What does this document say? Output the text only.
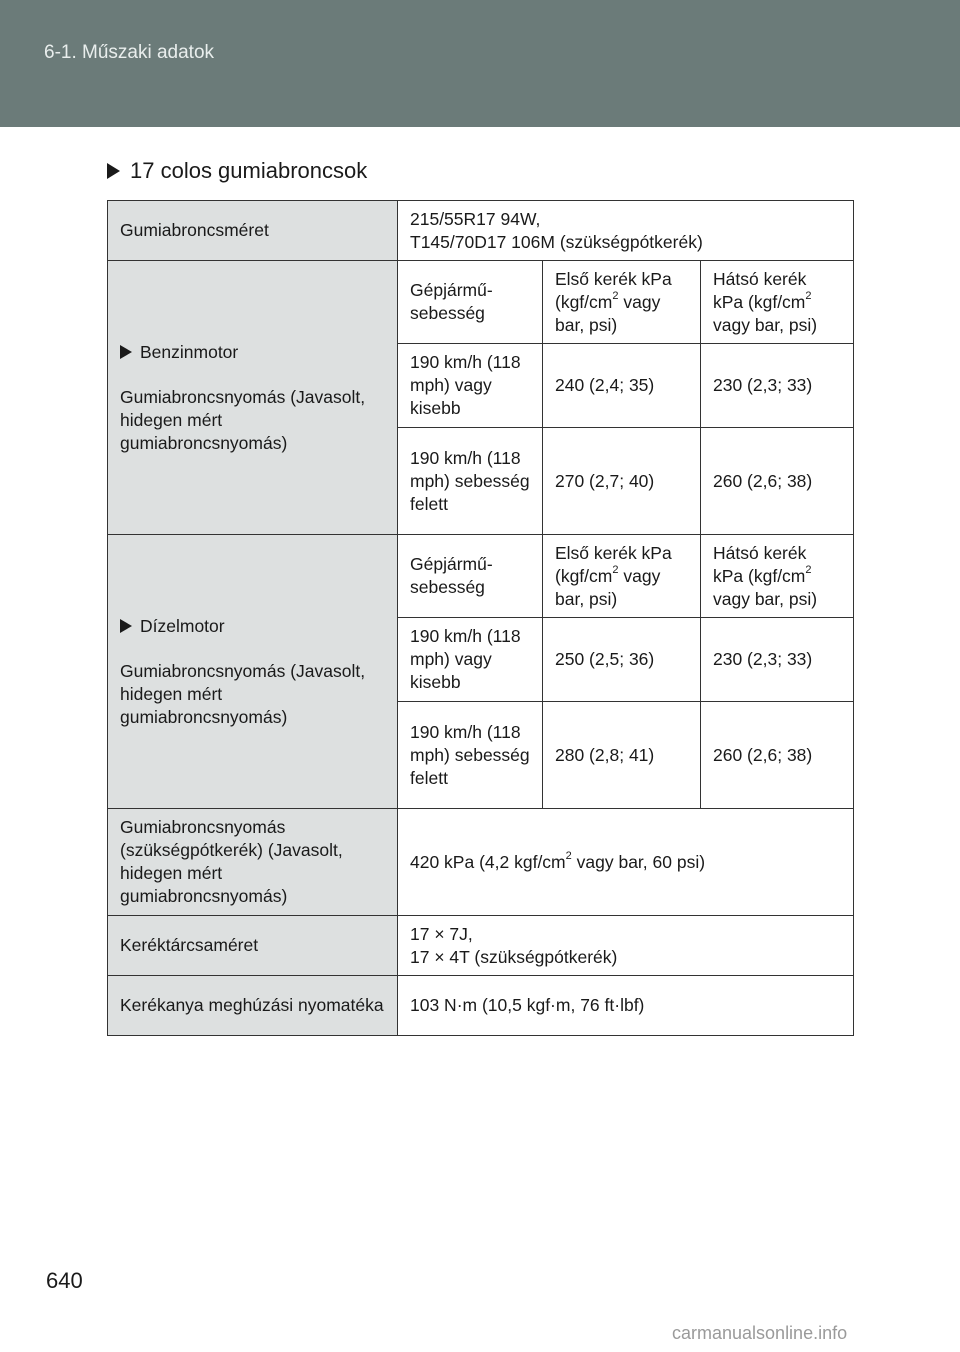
6-1. Műszaki adatok
17 colos gumiabroncsok
Gumiabroncsméret	215/55R17 94W,
T145/70D17 106M (szükségpótkerék)		

Benzinmotor
Gumiabroncsnyomás (Javasolt, hidegen mért gumiabroncsnyomás)	Gépjármű-sebesség	Első kerék kPa ($kgf/cm^2$ vagy bar, psi)	Hátsó kerék kPa ($kgf/cm^2$ vagy bar, psi)
	190 km/h (118 mph) vagy kisebb	240 (2,4; 35)	230 (2,3; 33)
	190 km/h (118 mph) sebesség felett	270 (2,7; 40)	260 (2,6; 38)

Dízelmotor
Gumiabroncsnyomás (Javasolt, hidegen mért gumiabroncsnyomás)	Gépjármű-sebesség	Első kerék kPa ($kgf/cm^2$ vagy bar, psi)	Hátsó kerék kPa ($kgf/cm^2$ vagy bar, psi)
	190 km/h (118 mph) vagy kisebb	250 (2,5; 36)	230 (2,3; 33)
	190 km/h (118 mph) sebesség felett	280 (2,8; 41)	260 (2,6; 38)
Gumiabroncsnyomás (szükségpótkerék) (Javasolt, hidegen mért gumiabroncsnyomás)	420 kPa (4,2 kgf/$cm^2$ vagy bar, 60 psi)		
Keréktárcsaméret	17 × 7J,
17 × 4T (szükségpótkerék)		

Kerékanya meghúzási nyomatéka	103 N·m (10,5 kgf·m, 76 ft·lbf)		
640
carmanualsonline.info
